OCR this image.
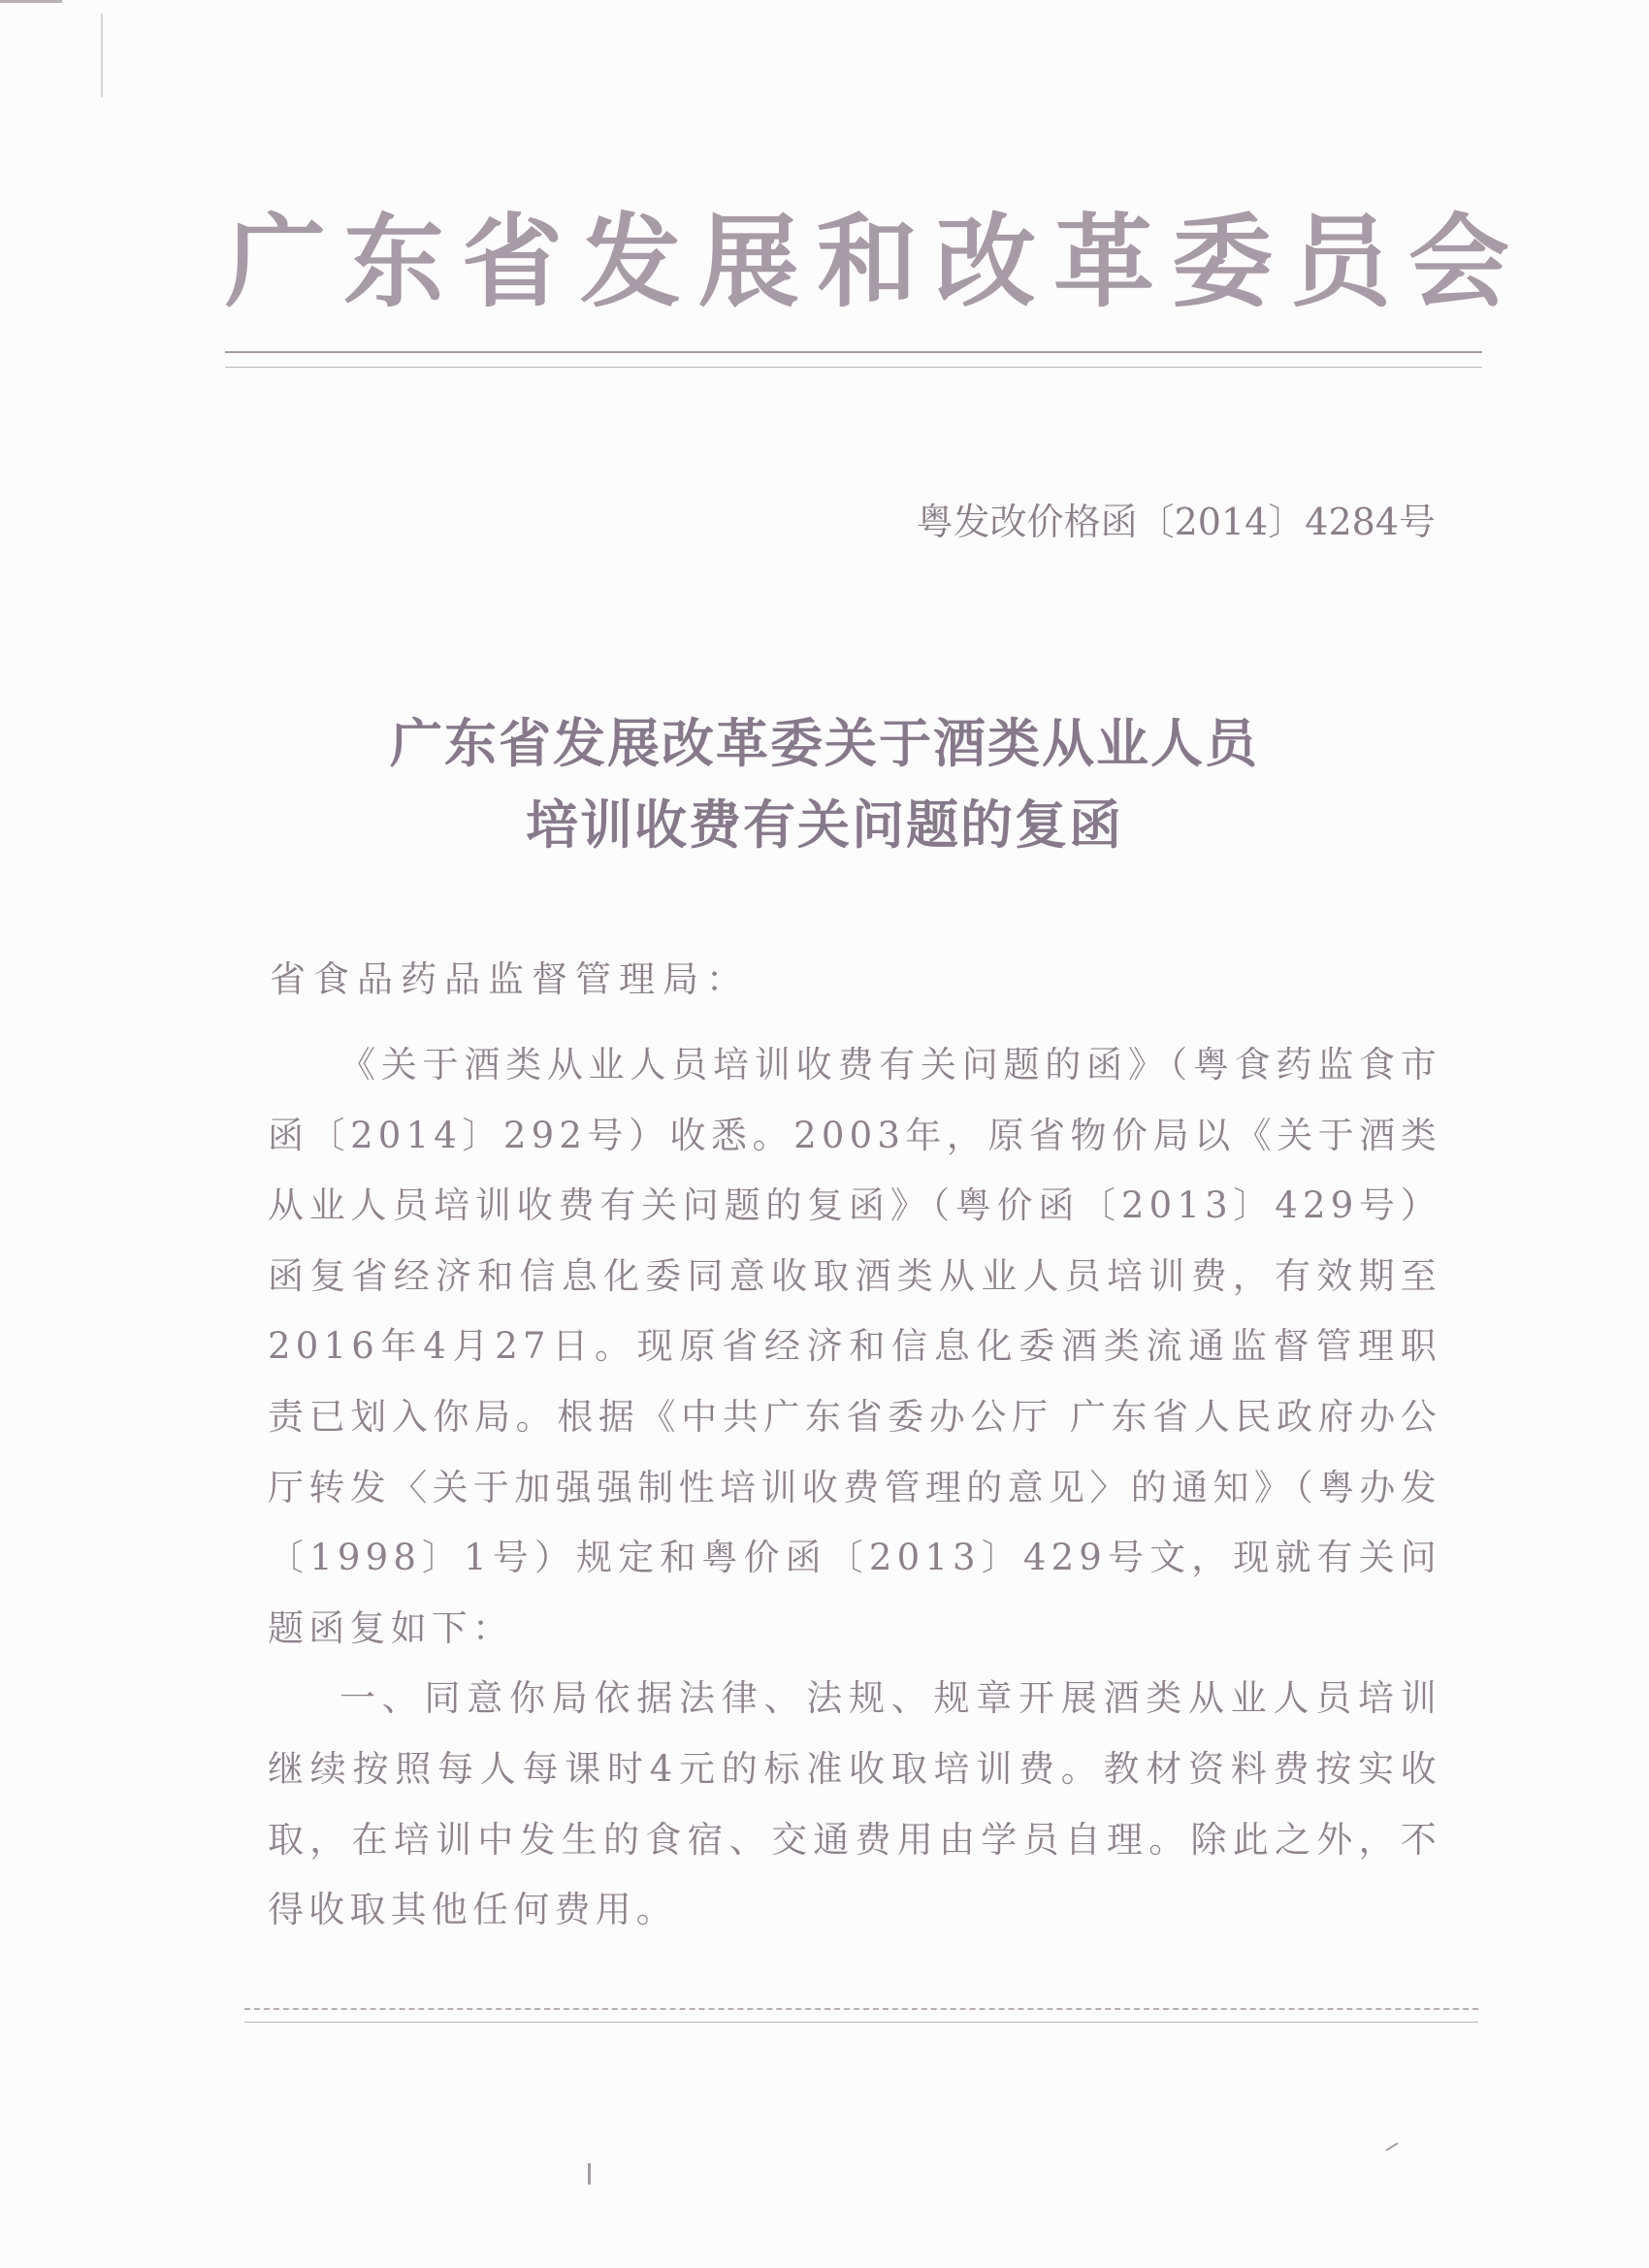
广东省发展和改革委员会
粤发改价格函〔2014〕4284号
广东省发展改革委关于酒类从业人员
培训收费有关问题的复函
省食品药品监督管理局：

《关于酒类从业人员培训收费有关问题的函》（粤食药监食市函〔2014〕292号）收悉。2003年，原省物价局以《关于酒类从业人员培训收费有关问题的复函》（粤价函〔2013〕429号）函复省经济和信息化委同意收取酒类从业人员培训费，有效期至2016年4月27日。现原省经济和信息化委酒类流通监督管理职责已划入你局。根据《中共广东省委办公厅 广东省人民政府办公厅转发〈关于加强强制性培训收费管理的意见〉的通知》（粤办发〔1998〕1号）规定和粤价函〔2013〕429号文，现就有关问题函复如下：

一、同意你局依据法律、法规、规章开展酒类从业人员培训继续按照每人每课时4元的标准收取培训费。教材资料费按实收取，在培训中发生的食宿、交通费用由学员自理。除此之外，不得收取其他任何费用。
